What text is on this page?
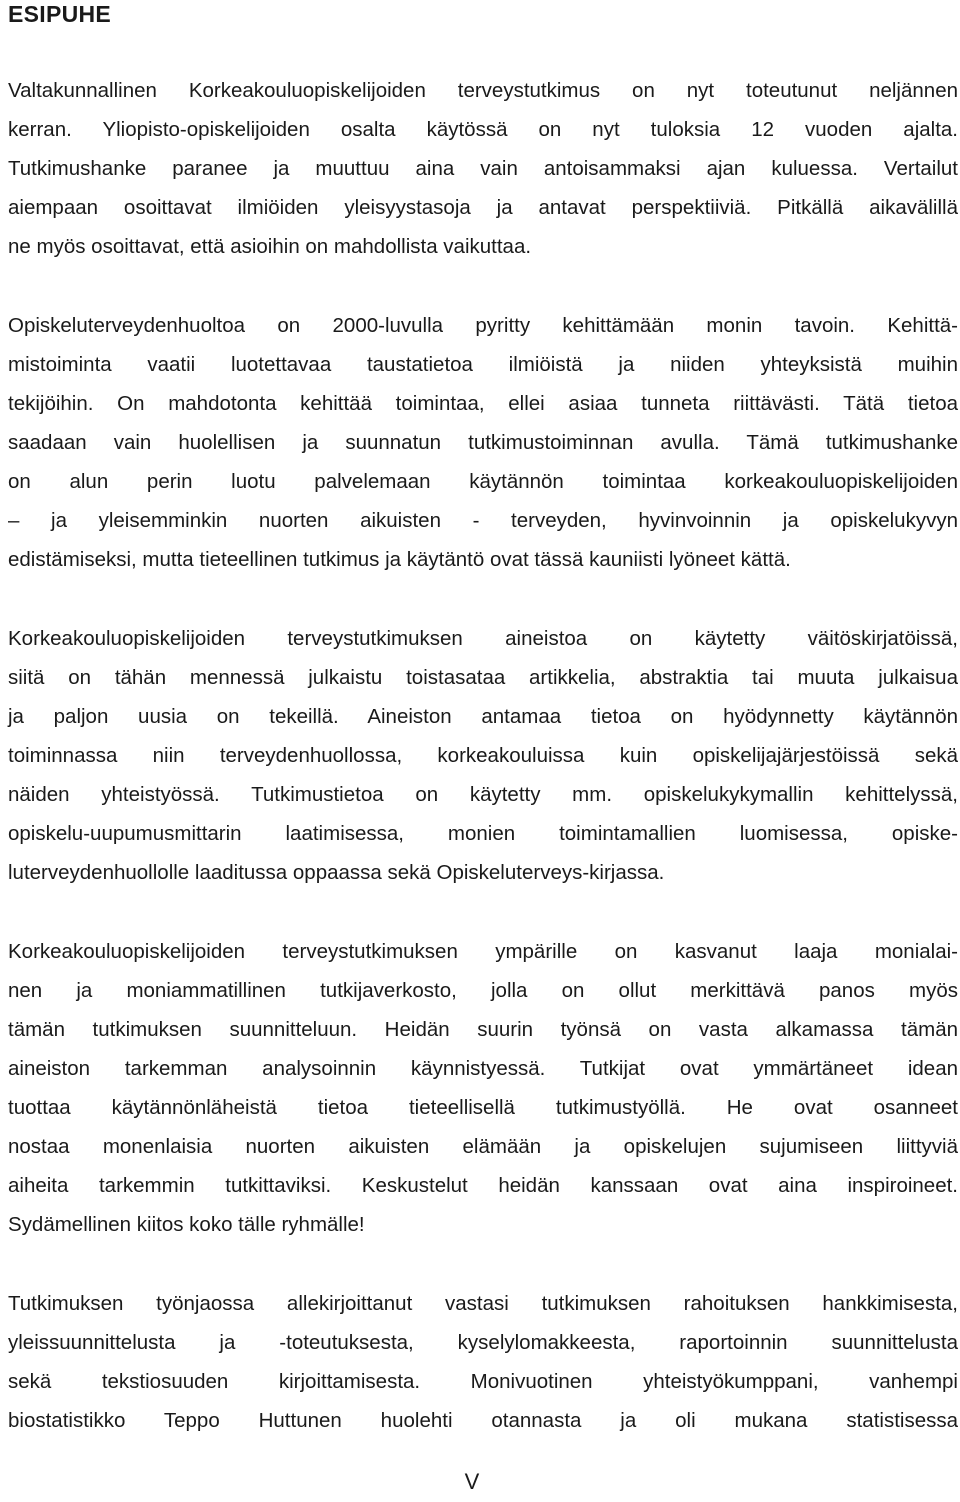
ESIPUHE
Valtakunnallinen Korkeakouluopiskelijoiden terveystutkimus on nyt toteutunut neljännen
kerran. Yliopisto-opiskelijoiden osalta käytössä on nyt tuloksia 12 vuoden ajalta.
Tutkimushanke paranee ja muuttuu aina vain antoisammaksi ajan kuluessa. Vertailut
aiempaan osoittavat ilmiöiden yleisyystasoja ja antavat perspektiiviä. Pitkällä aikavälillä
ne myös osoittavat, että asioihin on mahdollista vaikuttaa.
Opiskeluterveydenhuoltoa on 2000-luvulla pyritty kehittämään monin tavoin. Kehittä-
mistoiminta vaatii luotettavaa taustatietoa ilmiöistä ja niiden yhteyksistä muihin
tekijöihin. On mahdotonta kehittää toimintaa, ellei asiaa tunneta riittävästi. Tätä tietoa
saadaan vain huolellisen ja suunnatun tutkimustoiminnan avulla. Tämä tutkimushanke
on alun perin luotu palvelemaan käytännön toimintaa korkeakouluopiskelijoiden
– ja yleisemminkin nuorten aikuisten - terveyden, hyvinvoinnin ja opiskelukyvyn
edistämiseksi, mutta tieteellinen tutkimus ja käytäntö ovat tässä kauniisti lyöneet kättä.
Korkeakouluopiskelijoiden terveystutkimuksen aineistoa on käytetty väitöskirjatöissä,
siitä on tähän mennessä julkaistu toistasataa artikkelia, abstraktia tai muuta julkaisua
ja paljon uusia on tekeillä. Aineiston antamaa tietoa on hyödynnetty käytännön
toiminnassa niin terveydenhuollossa, korkeakouluissa kuin opiskelijajärjestöissä sekä
näiden yhteistyössä. Tutkimustietoa on käytetty mm. opiskelukykymallin kehittelyssä,
opiskelu-uupumusmittarin laatimisessa, monien toimintamallien luomisessa, opiske-
luterveydenhuollolle laaditussa oppaassa sekä Opiskeluterveys-kirjassa.
Korkeakouluopiskelijoiden terveystutkimuksen ympärille on kasvanut laaja monialai-
nen ja moniammatillinen tutkijaverkosto, jolla on ollut merkittävä panos myös
tämän tutkimuksen suunnitteluun. Heidän suurin työnsä on vasta alkamassa tämän
aineiston tarkemman analysoinnin käynnistyessä. Tutkijat ovat ymmärtäneet idean
tuottaa käytännönläheistä tietoa tieteellisellä tutkimustyöllä. He ovat osanneet
nostaa monenlaisia nuorten aikuisten elämään ja opiskelujen sujumiseen liittyviä
aiheita tarkemmin tutkittaviksi. Keskustelut heidän kanssaan ovat aina inspiroineet.
Sydämellinen kiitos koko tälle ryhmälle!
Tutkimuksen työnjaossa allekirjoittanut vastasi tutkimuksen rahoituksen hankkimisesta,
yleissuunnittelusta ja -toteutuksesta, kyselylomakkeesta, raportoinnin suunnittelusta
sekä tekstiosuuden kirjoittamisesta. Monivuotinen yhteistyökumppani, vanhempi
biostatistikko Teppo Huttunen huolehti otannasta ja oli mukana statistisessa
V
